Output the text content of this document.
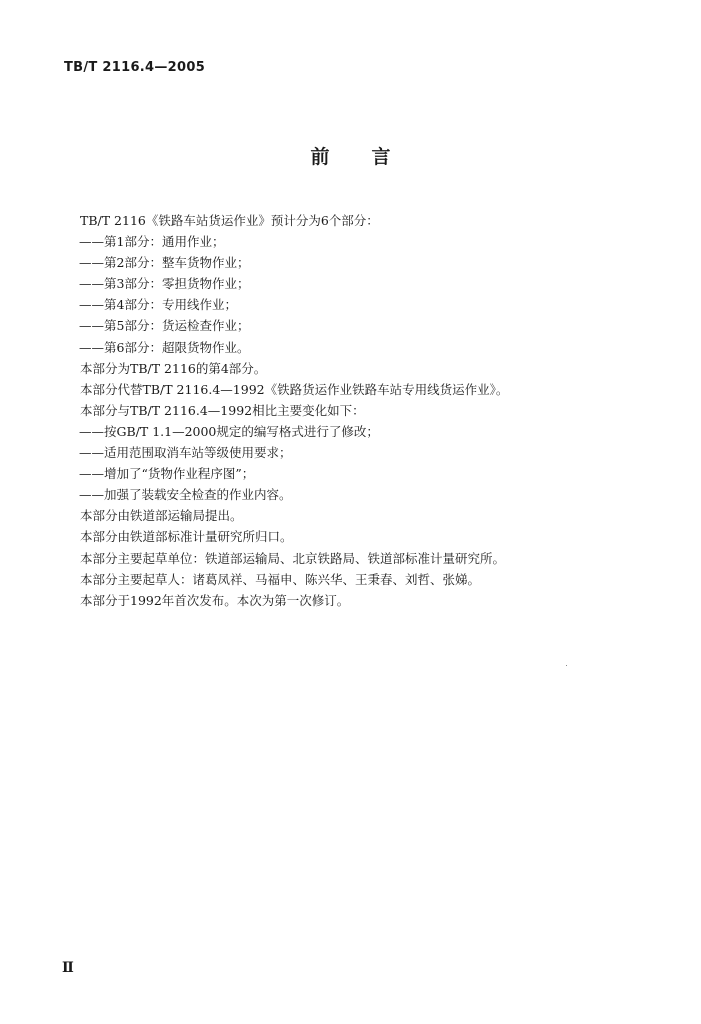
TB/T 2116.4—2005
前言
TB/T 2116《铁路车站货运作业》预计分为6个部分：
——第1部分：通用作业；
——第2部分：整车货物作业；
——第3部分：零担货物作业；
——第4部分：专用线作业；
——第5部分：货运检查作业；
——第6部分：超限货物作业。
本部分为TB/T 2116的第4部分。
本部分代替TB/T 2116.4—1992《铁路货运作业铁路车站专用线货运作业》。
本部分与TB/T 2116.4—1992相比主要变化如下：
——按GB/T 1.1—2000规定的编写格式进行了修改；
——适用范围取消车站等级使用要求；
——增加了“货物作业程序图”；
——加强了装载安全检查的作业内容。
本部分由铁道部运输局提出。
本部分由铁道部标准计量研究所归口。
本部分主要起草单位：铁道部运输局、北京铁路局、铁道部标准计量研究所。
本部分主要起草人：诸葛凤祥、马福申、陈兴华、王秉春、刘哲、张娣。
本部分于1992年首次发布。本次为第一次修订。
Ⅱ
